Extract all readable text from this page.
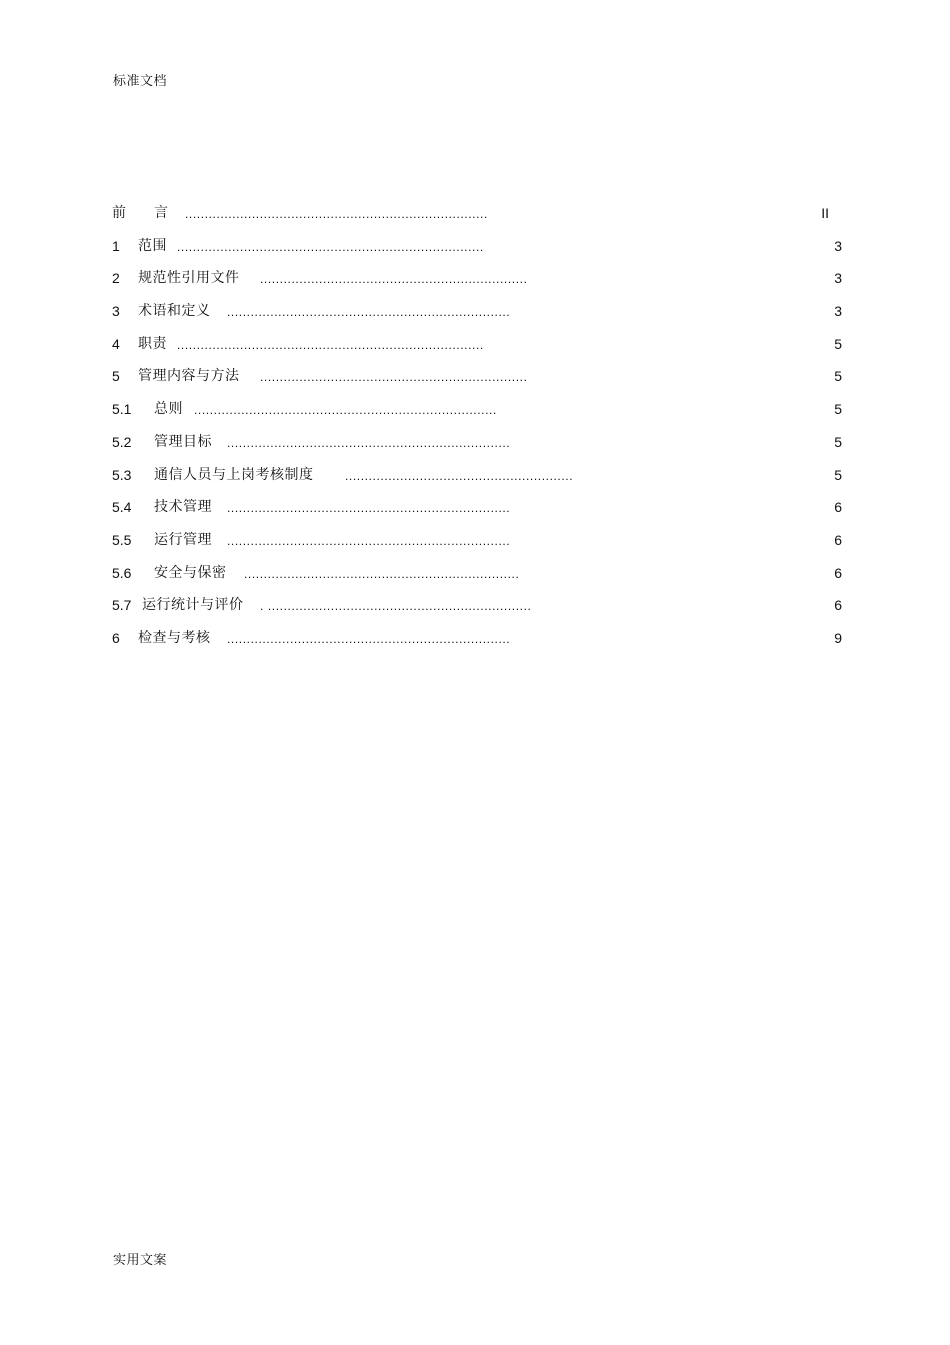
标准文档
前　　言 .............................................................................	II
1 范围 ..............................................................................	3
2 规范性引用文件 ....................................................................	3
3 术语和定义 ........................................................................	3
4 职责 ..............................................................................	5
5 管理内容与方法 ....................................................................	5
5.1 总则 .............................................................................	5
5.2 管理目标 ........................................................................	5
5.3 通信人员与上岗考核制度	..........................................................	5
5.4 技术管理 ........................................................................	6
5.5 运行管理 ........................................................................	6
5.6 安全与保密 ......................................................................	6
5.7 运行统计与评价 . ...................................................................	6
6 检查与考核 ........................................................................	9
实用文案
